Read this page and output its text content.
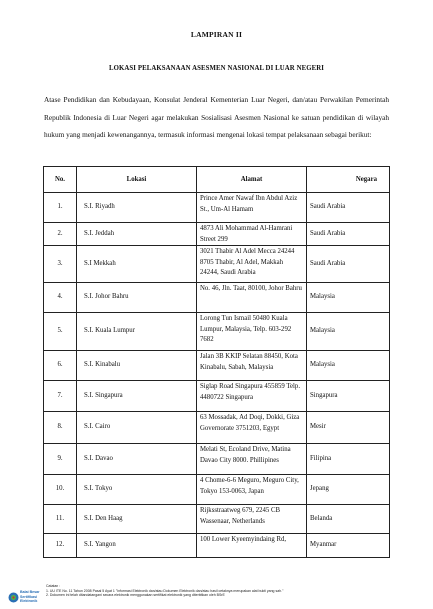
LAMPIRAN II
LOKASI PELAKSANAAN ASESMEN NASIONAL DI LUAR NEGERI
Atase Pendidikan dan Kebudayaan, Konsulat Jenderal Kementerian Luar Negeri, dan/atau Perwakilan Pemerintah Republik Indonesia di Luar Negeri agar melakukan Sosialisasi Asesmen Nasional ke satuan pendidikan di wilayah hukum yang menjadi kewenangannya, termasuk informasi mengenai lokasi tempat pelaksanaan sebagai berikut:
No.	Lokasi	Alamat	Negara
1.	S.I. Riyadh	Prince Amer Nawaf Ibn Abdul Aziz St., Um-Al Hamam	Saudi Arabia
2.	S.I. Jeddah	4873 Ali Mohammad Al-Hamrani Street 299	Saudi Arabia
3.	S.I Mekkah	3021 Thabir Al Adel Mecca 24244 8705 Thabir, Al Adel, Makkah 24244, Saudi Arabia	Saudi Arabia
4.	S.I. Johor Bahru	No. 46, Jln. Taat, 80100, Johor Bahru	Malaysia
5.	S.I. Kuala Lumpur	Lorong Tun Ismail 50480 Kuala Lumpur, Malaysia, Telp. 603-292 7682	Malaysia
6.	S.I. Kinabalu	Jalan 3B KKIP Selatan 88450, Kota Kinabalu, Sabah, Malaysia	Malaysia
7.	S.I. Singapura	Siglap Road Singapura 455859 Telp. 4480722 Singapura	Singapura
8.	S.I. Cairo	63 Mossadak, Ad Doqi, Dokki, Giza Governorate 3751203, Egypt	Mesir
9.	S.I. Davao	Melati St, Ecoland Drive, Matina Davao City 8000. Phillipines	Filipina
10.	S.I. Tokyo	4 Chome-6-6 Meguro, Meguro City, Tokyo 153-0063, Japan	Jepang
11.	S.I. Den Haag	Rijksstraatweg 679, 2245 CB Wassenaar, Netherlands	Belanda
12.	S.I. Yangon	100 Lower Kyeemyindaing Rd,	Myanmar
Balai Besar
Sertifikasi
Elektronik
Catatan :
1. UU ITE No. 11 Tahun 2008 Pasal 5 Ayat 1 "Informasi Elektronik dan/atau Dokumen Elektronik dan/atau hasil cetaknya merupakan alat bukti yang sah."
2. Dokumen ini telah ditandatangani secara elektronik menggunakan sertifikat elektronik yang diterbitkan oleh BSrE
